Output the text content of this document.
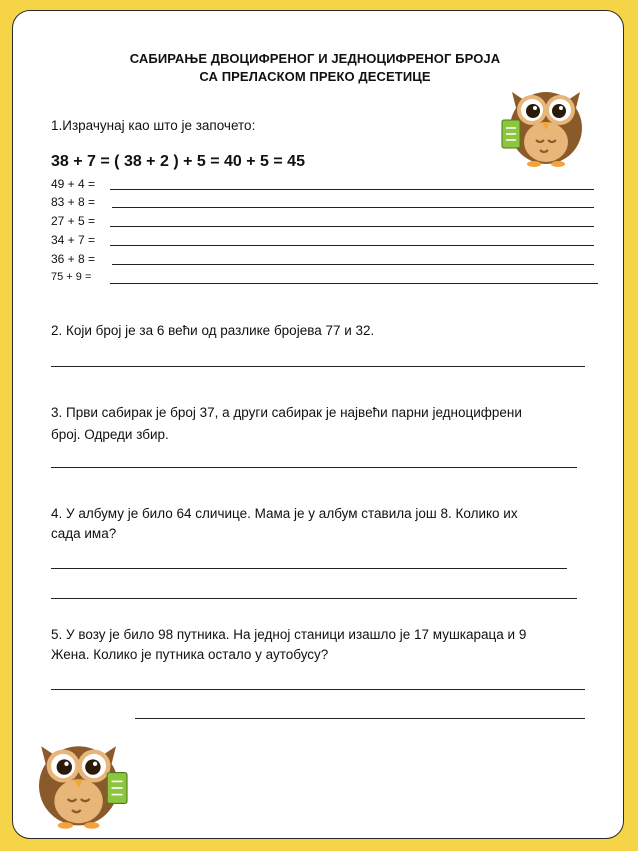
САБИРАЊЕ ДВОЦИФРЕНОГ И ЈЕДНОЦИФРЕНОГ БРОЈА
СА ПРЕЛАСКОМ ПРЕКО ДЕСЕТИЦЕ
1.Израчунај као што је започето:
38 + 7 = ( 38 + 2 ) + 5 = 40 + 5 = 45
49 + 4 =
83 + 8 =
27 + 5 =
34 + 7 =
36 + 8 =
75 + 9 =
2. Који број је за 6 већи од разлике бројева 77 и 32.
3. Први сабирак је број 37, а други сабирак је највећи парни једноцифрени
број. Одреди збир.
4. У албуму је било 64 сличице. Мама је у албум ставила још 8. Колико их
сада има?
5. У возу је било 98 путника. На једној станици изашло је 17 мушкараца и 9
Жена. Колико је путника остало у аутобусу?
